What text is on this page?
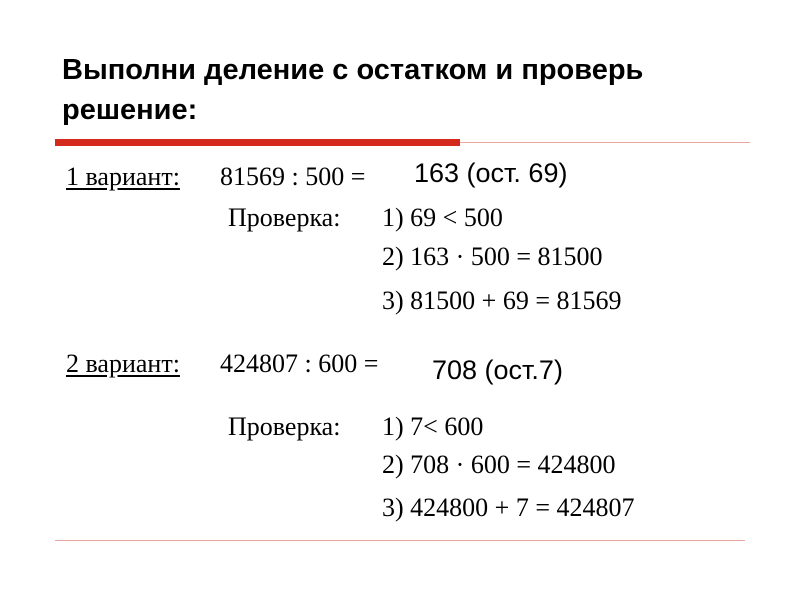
Выполни деление с остатком и проверь решение:
1 вариант: 81569 : 500 = 163 (ост. 69)
Проверка: 1) 69 < 500
2) 163 · 500 = 81500
3) 81500 + 69 = 81569
2 вариант: 424807 : 600 = 708 (ост.7)
Проверка: 1) 7< 600
2) 708 · 600 = 424800
3) 424800 + 7 = 424807
